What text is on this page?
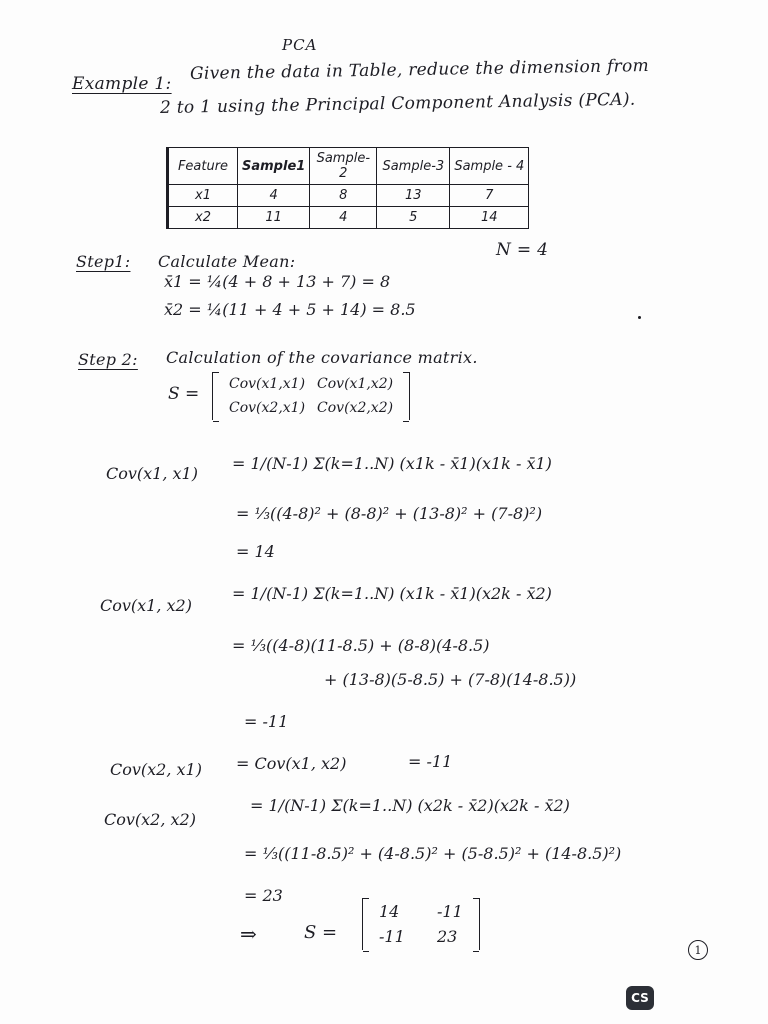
PCA
Example 1:
Given the data in Table, reduce the dimension from
2 to 1 using the Principal Component Analysis (PCA).
Feature	Sample1	Sample-2	Sample-3	Sample - 4
x1	4	8	13	7
x2	11	4	5	14
N = 4
Step1: Calculate Mean:
x̄1 = ¼(4 + 8 + 13 + 7) = 8
x̄2 = ¼(11 + 4 + 5 + 14) = 8.5
Step 2: Calculation of the covariance matrix.
S =	Cov(x1,x1) Cov(x1,x2)
Cov(x2,x1) Cov(x2,x2)
Cov(x1, x1)
= 1/(N-1) Σ(k=1..N) (x1k - x̄1)(x1k - x̄1)
= ⅓((4-8)² + (8-8)² + (13-8)² + (7-8)²)
= 14
Cov(x1, x2)
= 1/(N-1) Σ(k=1..N) (x1k - x̄1)(x2k - x̄2)
= ⅓((4-8)(11-8.5) + (8-8)(4-8.5)
+ (13-8)(5-8.5) + (7-8)(14-8.5))
= -11
Cov(x2, x1) = Cov(x1, x2)	= -11
Cov(x2, x2)
= 1/(N-1) Σ(k=1..N) (x2k - x̄2)(x2k - x̄2)
= ⅓((11-8.5)² + (4-8.5)² + (5-8.5)² + (14-8.5)²)
= 23
⇒	S =
14	-11
-11	23
1
CS
